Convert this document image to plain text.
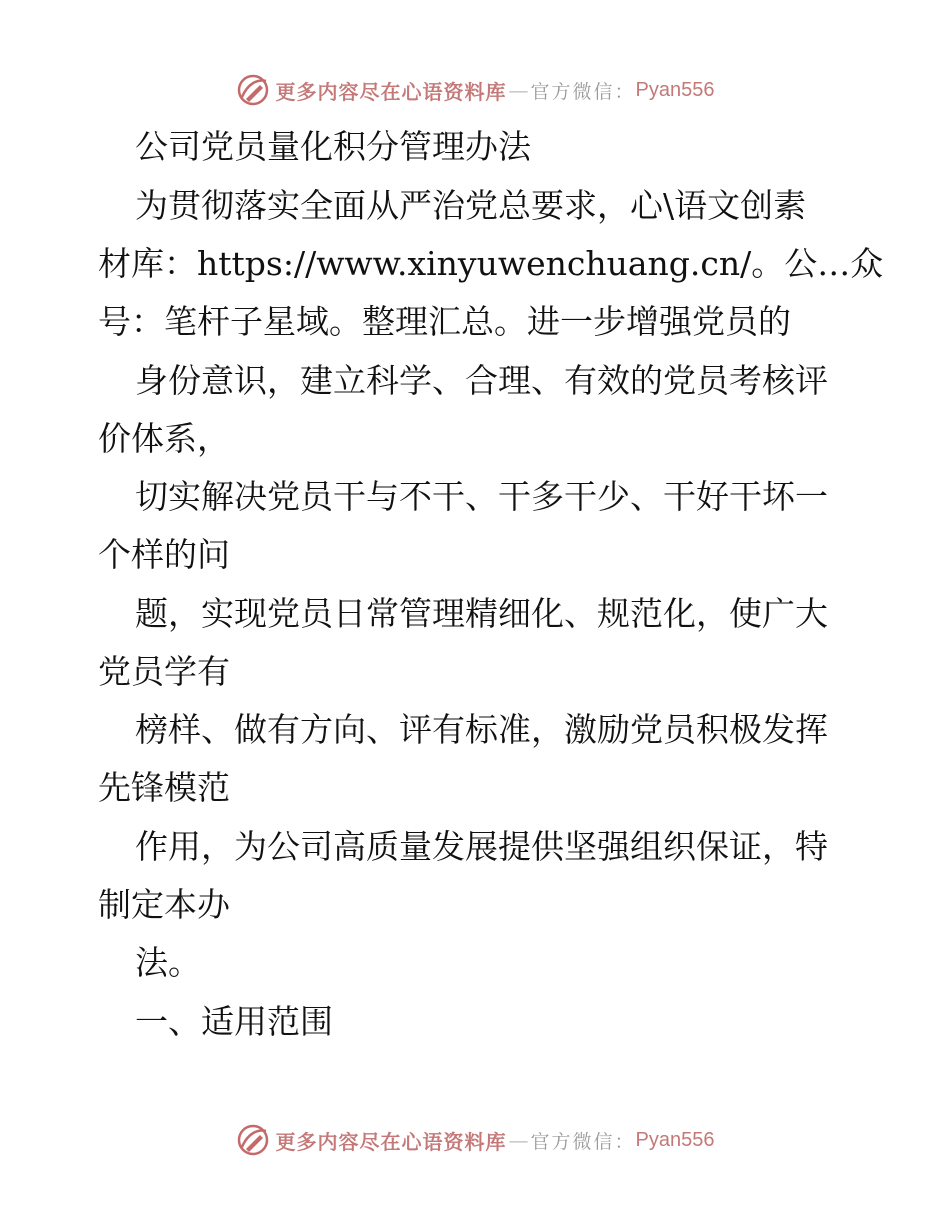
更多内容尽在心语资料库 — 官方微信： Pyan556
公司党员量化积分管理办法
为贯彻落实全面从严治党总要求，心\语文创素
材库：https://www.xinyuwenchuang.cn/。公…众
号：笔杆子星域。整理汇总。进一步增强党员的
身份意识，建立科学、合理、有效的党员考核评
价体系，
切实解决党员干与不干、干多干少、干好干坏一
个样的问
题，实现党员日常管理精细化、规范化，使广大
党员学有
榜样、做有方向、评有标准，激励党员积极发挥
先锋模范
作用，为公司高质量发展提供坚强组织保证，特
制定本办
法。
一、适用范围
更多内容尽在心语资料库 — 官方微信： Pyan556
